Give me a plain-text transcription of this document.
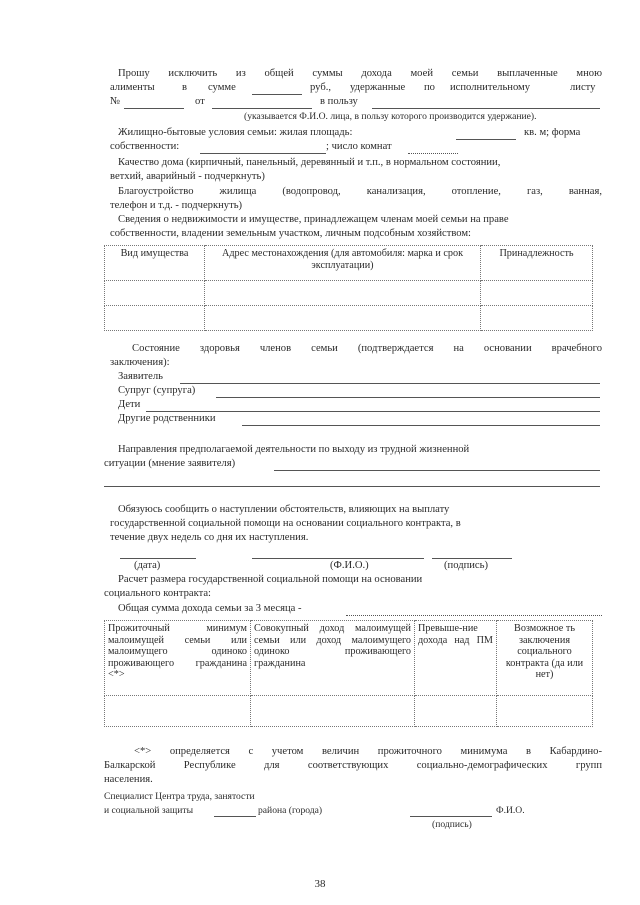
Прошу исключить из общей суммы дохода моей семьи выплаченные мною
алименты	в сумме	руб., удержанные по исполнительному	листу
№	от	в пользу
(указывается Ф.И.О. лица, в пользу которого производится удержание).
Жилищно-бытовые условия семьи: жилая площадь:	кв. м; форма
собственности:	; число комнат
Качество дома (кирпичный, панельный, деревянный и т.п., в нормальном состоянии,
ветхий, аварийный - подчеркнуть)
Благоустройство жилища (водопровод, канализация, отопление, газ, ванная,
телефон и т.д. - подчеркнуть)
Сведения о недвижимости и имуществе, принадлежащем членам моей семьи на праве
собственности, владении земельным участком, личным подсобным хозяйством:
Вид имущества	Адрес местонахождения (для автомобиля: марка и срок эксплуатации)	Принадлежность

Состояние здоровья членов семьи (подтверждается на основании врачебного
заключения):
Заявитель
Супруг (супруга)
Дети
Другие родственники
Направления предполагаемой деятельности по выходу из трудной жизненной
ситуации (мнение заявителя)
Обязуюсь сообщить о наступлении обстоятельств, влияющих на выплату
государственной социальной помощи на основании социального контракта, в
течение двух недель со дня их наступления.
(дата)	(Ф.И.О.)	(подпись)
Расчет размера государственной социальной помощи на основании
социального контракта:
Общая сумма дохода семьи за 3 месяца -
Прожиточный минимум малоимущей семьи или малоимущего одиноко проживающего гражданина <*>	Совокупный доход малоимущей семьи или доход малоимущего одиноко проживающего гражданина	Превыше-ние дохода над ПМ	Возможное ть заключения социального контракта (да или нет)

<*> определяется с учетом величин прожиточного минимума в Кабардино-
Балкарской Республике для соответствующих социально-демографических групп
населения.
Специалист Центра труда, занятости
и социальной защиты	района (города)	Ф.И.О.
(подпись)
38
